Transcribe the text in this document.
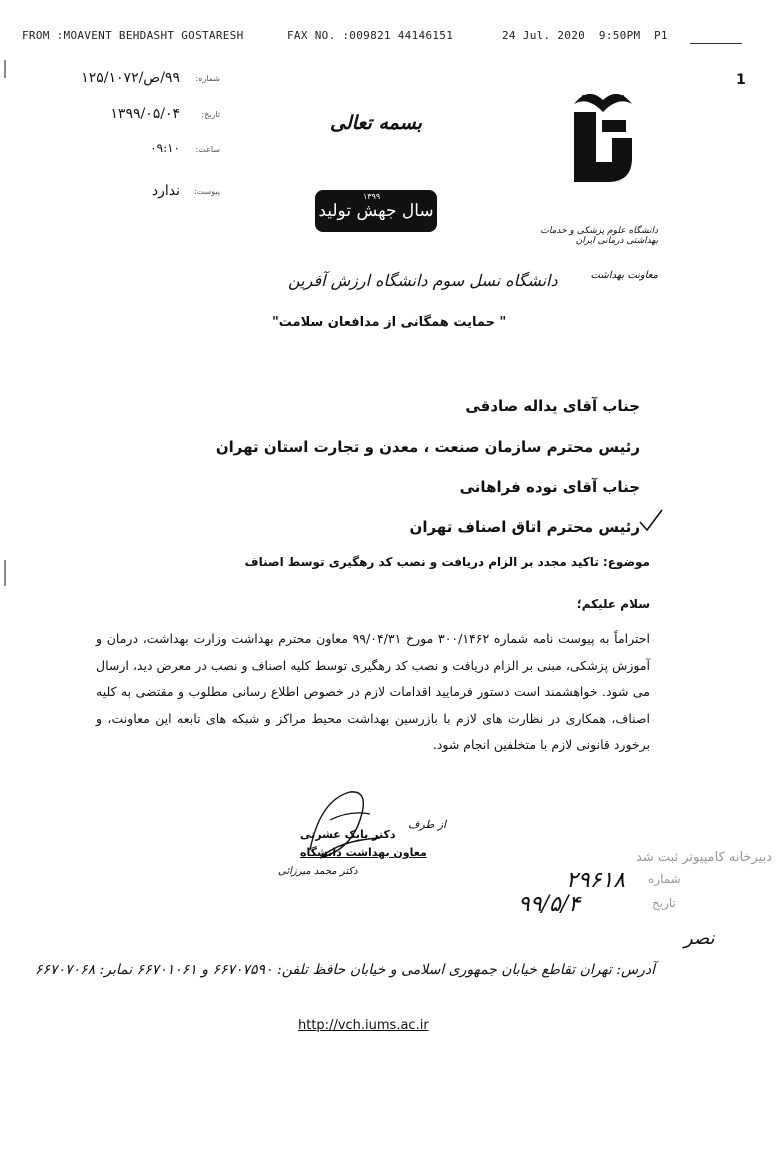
FROM :MOAVENT BEHDASHT GOSTARESH

	FAX NO. :009821 44146151

	24 Jul. 2020  9:50PM

P1

1
۹۹/ص/۱۲۵/۱۰۷۲ شماره:
۱۳۹۹/۰۵/۰۴	تاریخ:
۰۹:۱۰ ساعت:
ندارد پیوست:
بسمه تعالی
۱۳۹۹
سال جهش تولید
دانشگاه نسل سوم دانشگاه ارزش آفرین
" حمایت همگانی از مدافعان سلامت"
دانشگاه علوم پزشکی و خدمات بهداشتی درمانی ایران
معاونت بهداشت
جناب آقای یداله صادقی
رئیس محترم سازمان صنعت ، معدن و تجارت استان تهران
جناب آقای نوده فراهانی
رئیس محترم اتاق اصناف تهران
موضوع: تاکید مجدد بر الزام دریافت و نصب کد رهگیری توسط اصناف
سلام علیکم؛
احتراماً به پیوست نامه شماره ۳۰۰/۱۴۶۲ مورخ ۹۹/۰۴/۳۱ معاون محترم بهداشت وزارت بهداشت، درمان و آموزش پزشکی، مبنی بر الزام دریافت و نصب کد رهگیری توسط کلیه اصناف و نصب در معرض دید، ارسال می شود. خواهشمند است دستور فرمایید اقدامات لازم در خصوص اطلاع رسانی مطلوب و مقتضی به کلیه اصناف، همکاری در نظارت های لازم با بازرسین بهداشت محیط مراکز و شبکه های تابعه این معاونت، و برخورد قانونی لازم با متخلفین انجام شود.
از طرف
دکتر بابک عشرتی
معاون بهداشت دانشگاه
دکتر محمد میرزائی
دبیرخانه کامپیوتر ثبت شد
شماره
۲۹۶۱۸
تاریخ
۹۹/۵/۴
نصر
آدرس: تهران تقاطع خیابان جمهوری اسلامی و خیابان حافظ تلفن: ۶۶۷۰۷۵۹۰ و ۶۶۷۰۱۰۶۱ نمابر: ۶۶۷۰۷۰۶۸
http://vch.iums.ac.ir
